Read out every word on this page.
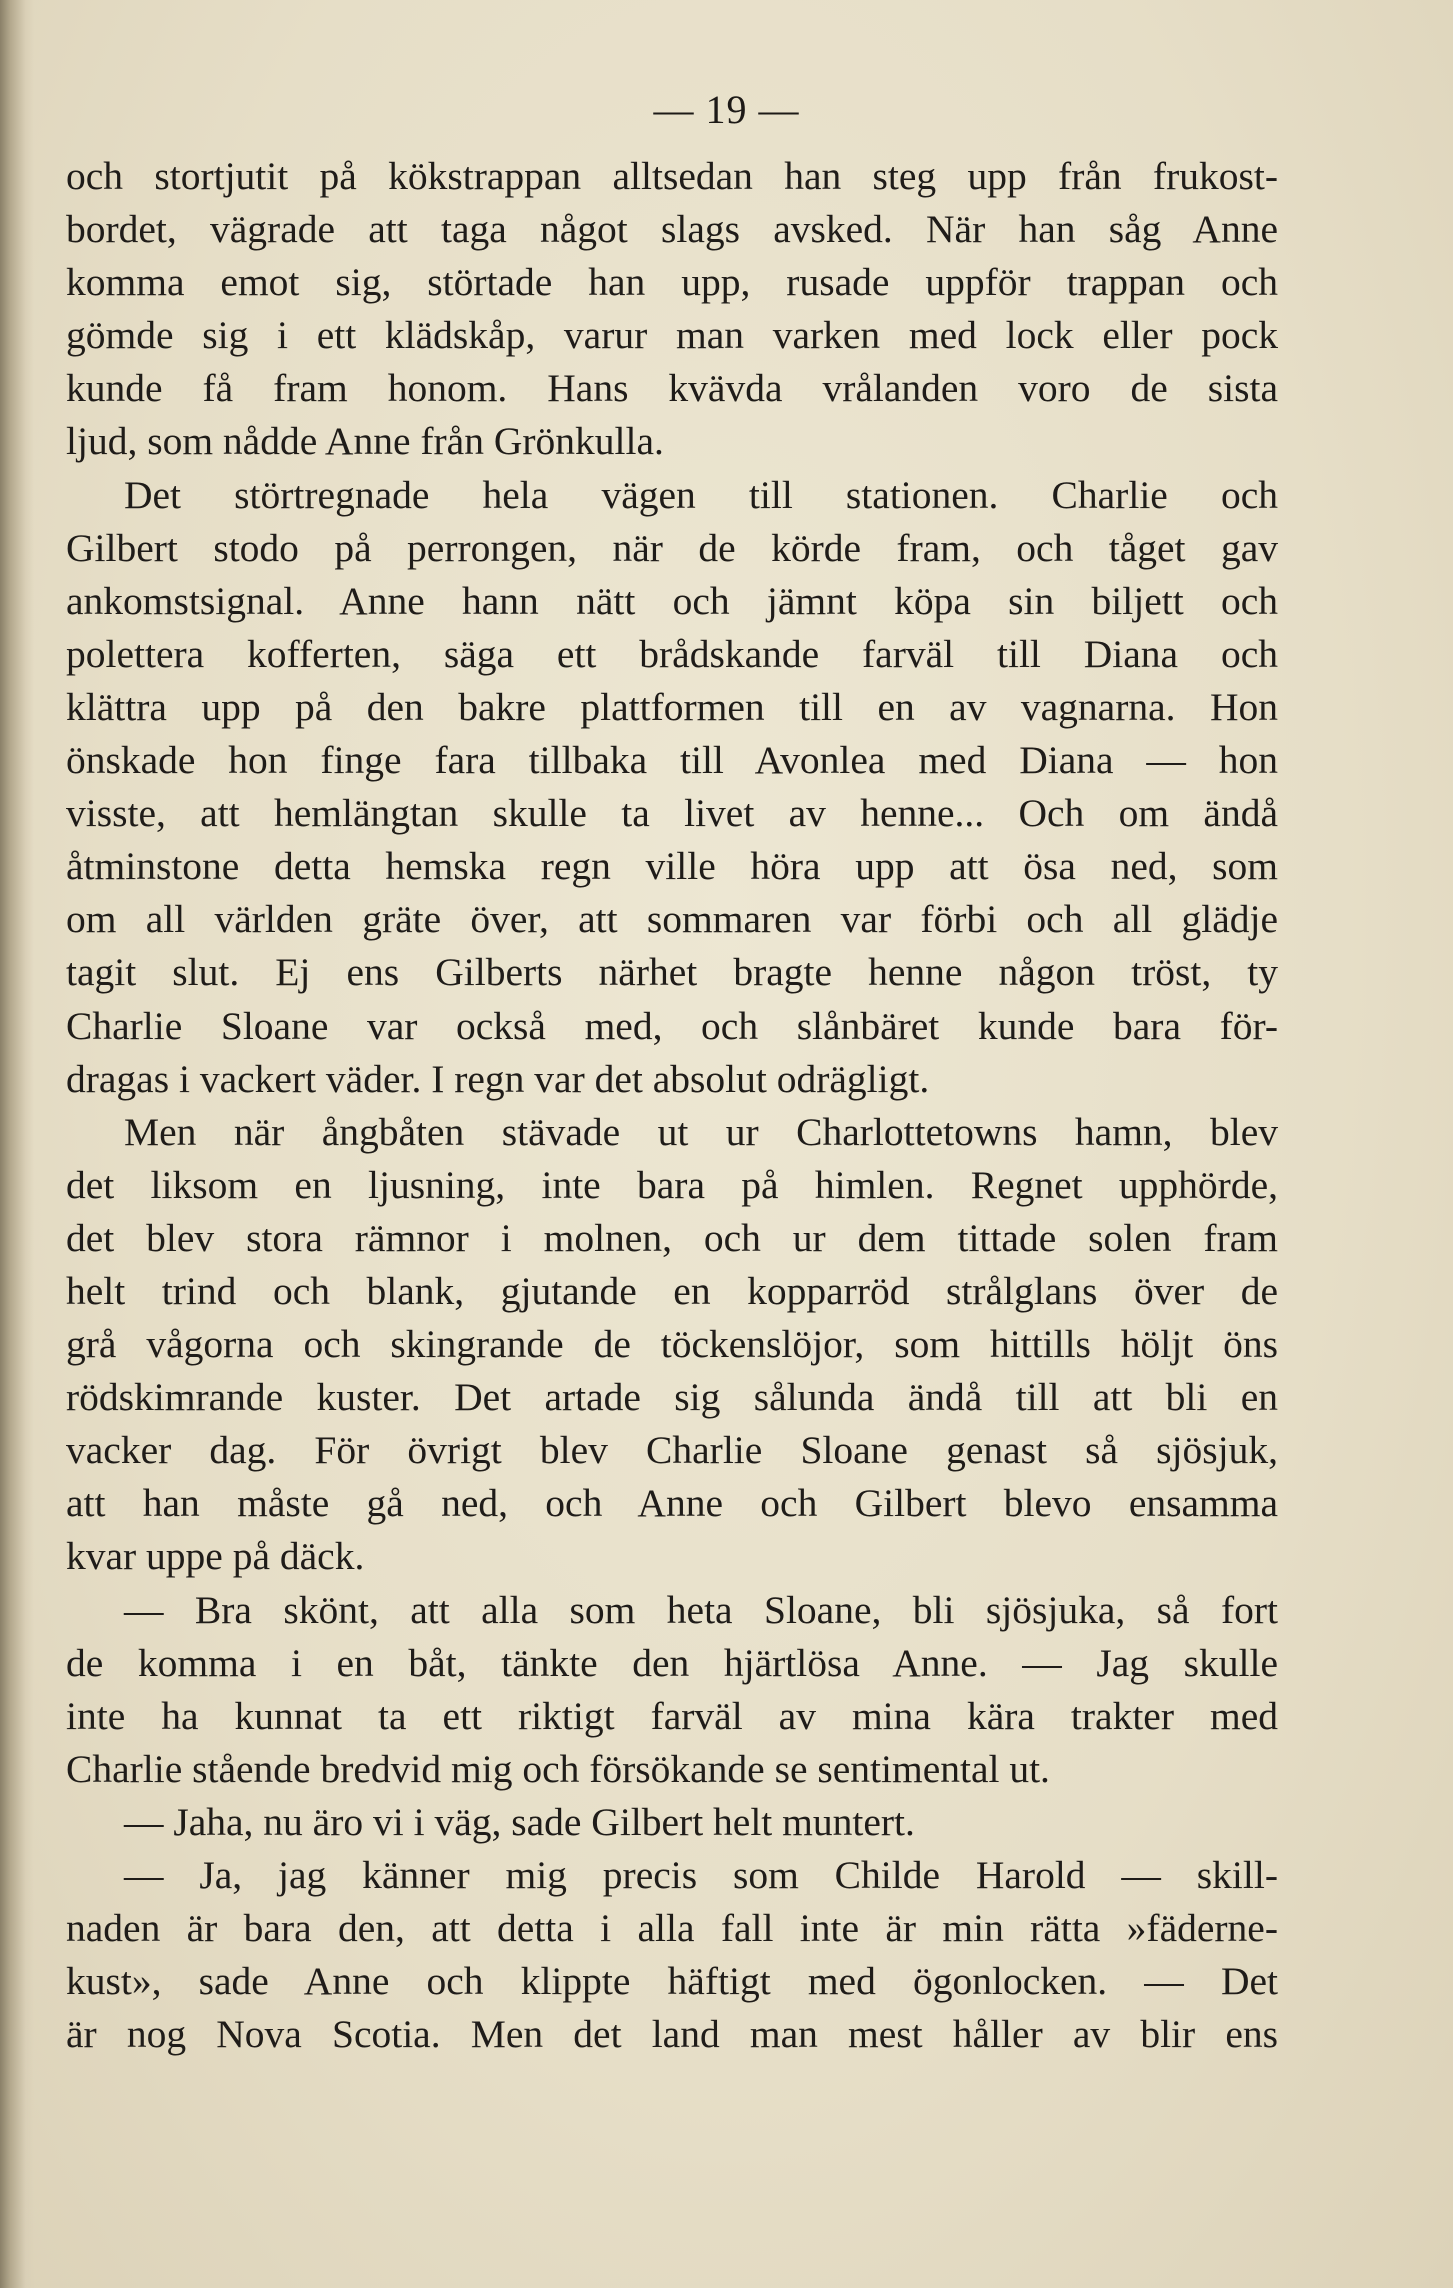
— 19 —
och stortjutit på kökstrappan alltsedan han steg upp från frukost-
bordet, vägrade att taga något slags avsked. När han såg Anne
komma emot sig, störtade han upp, rusade uppför trappan och
gömde sig i ett klädskåp, varur man varken med lock eller pock
kunde få fram honom. Hans kvävda vrålanden voro de sista
ljud, som nådde Anne från Grönkulla.
Det störtregnade hela vägen till stationen. Charlie och
Gilbert stodo på perrongen, när de körde fram, och tåget gav
ankomstsignal. Anne hann nätt och jämnt köpa sin biljett och
polettera kofferten, säga ett brådskande farväl till Diana och
klättra upp på den bakre plattformen till en av vagnarna. Hon
önskade hon finge fara tillbaka till Avonlea med Diana — hon
visste, att hemlängtan skulle ta livet av henne... Och om ändå
åtminstone detta hemska regn ville höra upp att ösa ned, som
om all världen gräte över, att sommaren var förbi och all glädje
tagit slut. Ej ens Gilberts närhet bragte henne någon tröst, ty
Charlie Sloane var också med, och slånbäret kunde bara för-
dragas i vackert väder. I regn var det absolut odrägligt.
Men när ångbåten stävade ut ur Charlottetowns hamn, blev
det liksom en ljusning, inte bara på himlen. Regnet upphörde,
det blev stora rämnor i molnen, och ur dem tittade solen fram
helt trind och blank, gjutande en kopparröd strålglans över de
grå vågorna och skingrande de töckenslöjor, som hittills höljt öns
rödskimrande kuster. Det artade sig sålunda ändå till att bli en
vacker dag. För övrigt blev Charlie Sloane genast så sjösjuk,
att han måste gå ned, och Anne och Gilbert blevo ensamma
kvar uppe på däck.
— Bra skönt, att alla som heta Sloane, bli sjösjuka, så fort
de komma i en båt, tänkte den hjärtlösa Anne. — Jag skulle
inte ha kunnat ta ett riktigt farväl av mina kära trakter med
Charlie stående bredvid mig och försökande se sentimental ut.
— Jaha, nu äro vi i väg, sade Gilbert helt muntert.
— Ja, jag känner mig precis som Childe Harold — skill-
naden är bara den, att detta i alla fall inte är min rätta »fäderne-
kust», sade Anne och klippte häftigt med ögonlocken. — Det
är nog Nova Scotia. Men det land man mest håller av blir ens
